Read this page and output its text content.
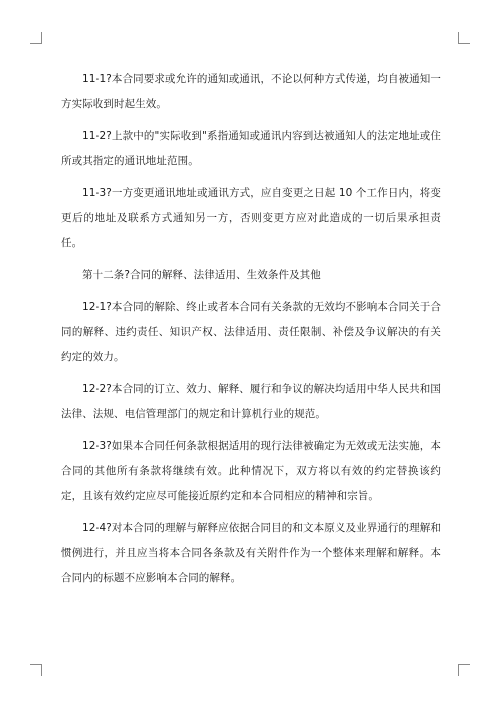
11-1?本合同要求或允许的通知或通讯，不论以何种方式传递，均自被通知一方实际收到时起生效。

11-2?上款中的"实际收到"系指通知或通讯内容到达被通知人的法定地址或住所或其指定的通讯地址范围。

11-3?一方变更通讯地址或通讯方式，应自变更之日起 10 个工作日内，将变更后的地址及联系方式通知另一方，否则变更方应对此造成的一切后果承担责任。

第十二条?合同的解释、法律适用、生效条件及其他

12-1?本合同的解除、终止或者本合同有关条款的无效均不影响本合同关于合同的解释、违约责任、知识产权、法律适用、责任限制、补偿及争议解决的有关约定的效力。

12-2?本合同的订立、效力、解释、履行和争议的解决均适用中华人民共和国法律、法规、电信管理部门的规定和计算机行业的规范。

12-3?如果本合同任何条款根据适用的现行法律被确定为无效或无法实施，本合同的其他所有条款将继续有效。此种情况下，双方将以有效的约定替换该约定，且该有效约定应尽可能接近原约定和本合同相应的精神和宗旨。

12-4?对本合同的理解与解释应依据合同目的和文本原义及业界通行的理解和惯例进行，并且应当将本合同各条款及有关附件作为一个整体来理解和解释。本合同内的标题不应影响本合同的解释。
